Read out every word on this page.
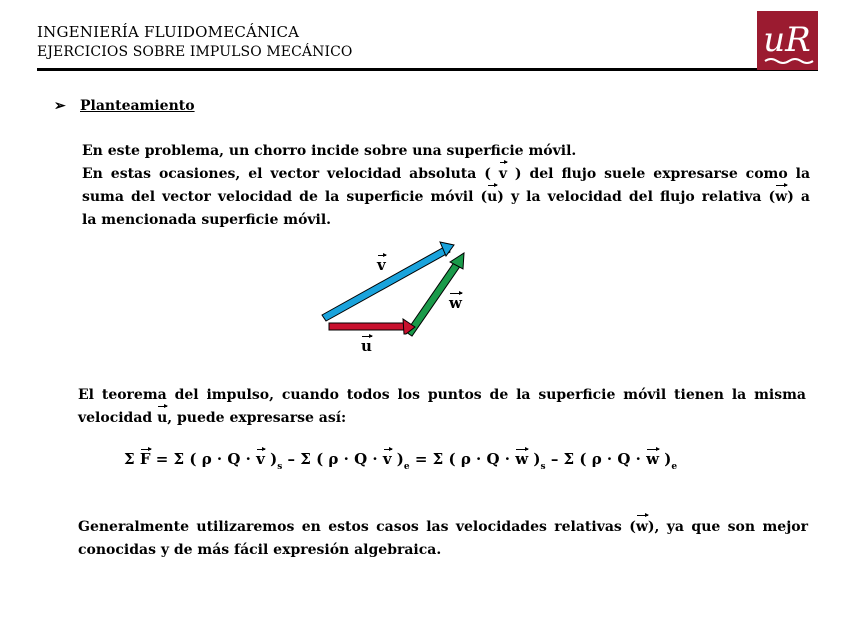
INGENIERÍA FLUIDOMECÁNICA
EJERCICIOS SOBRE IMPULSO MECÁNICO	uR
➢ Planteamiento
En este problema, un chorro incide sobre una superficie móvil.
En estas ocasiones, el vector velocidad absoluta ( v ) del flujo suele expresarse como la
suma del vector velocidad de la superficie móvil (u) y la velocidad del flujo relativa (w) a
la mencionada superficie móvil.
v
w
u
El teorema del impulso, cuando todos los puntos de la superficie móvil tienen la misma
velocidad u, puede expresarse así:
Σ F = Σ ( ρ · Q · v )$_s$ – Σ ( ρ · Q · v )$_e = \Sigma$ ( ρ · Q · w )$_s$ – Σ ( ρ · Q · w )$_e$
Generalmente utilizaremos en estos casos las velocidades relativas (w), ya que son mejor
conocidas y de más fácil expresión algebraica.
